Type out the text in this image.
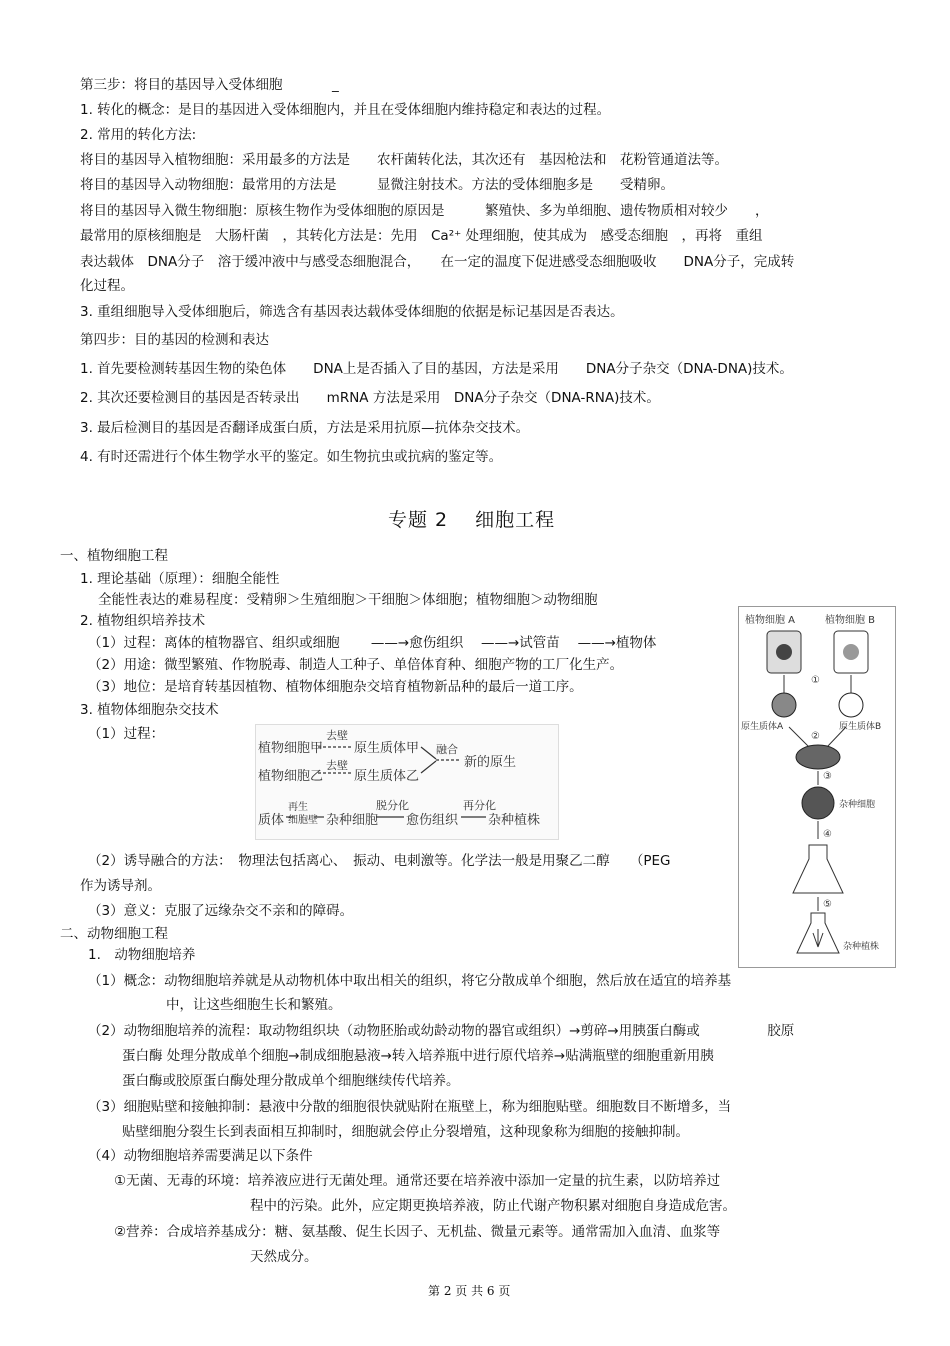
第三步：将目的基因导入受体细胞	_
1. 转化的概念：是目的基因进入受体细胞内，并且在受体细胞内维持稳定和表达的过程。
2. 常用的转化方法:
将目的基因导入植物细胞：采用最多的方法是　　农杆菌转化法，其次还有　基因枪法和　花粉管通道法等。
将目的基因导入动物细胞：最常用的方法是　　　显微注射技术。方法的受体细胞多是　　受精卵。
将目的基因导入微生物细胞：原核生物作为受体细胞的原因是　　　繁殖快、多为单细胞、遗传物质相对较少　　，
最常用的原核细胞是　大肠杆菌　，其转化方法是：先用　Ca²⁺ 处理细胞，使其成为　感受态细胞　，再将　重组
表达载体　DNA分子　溶于缓冲液中与感受态细胞混合，　　在一定的温度下促进感受态细胞吸收　　DNA分子，完成转
化过程。
3. 重组细胞导入受体细胞后，筛选含有基因表达载体受体细胞的依据是标记基因是否表达。
第四步：目的基因的检测和表达
1. 首先要检测转基因生物的染色体　　DNA上是否插入了目的基因，方法是采用　　DNA分子杂交（DNA-DNA)技术。
2. 其次还要检测目的基因是否转录出　　mRNA 方法是采用　DNA分子杂交（DNA-RNA)技术。
3. 最后检测目的基因是否翻译成蛋白质，方法是采用抗原—抗体杂交技术。
4. 有时还需进行个体生物学水平的鉴定。如生物抗虫或抗病的鉴定等。
专题 2　 细胞工程
一、植物细胞工程
1. 理论基础（原理）：细胞全能性
全能性表达的难易程度：受精卵＞生殖细胞＞干细胞＞体细胞；植物细胞＞动物细胞
2. 植物组织培养技术
（1）过程：离体的植物器官、组织或细胞　　 ——→愈伤组织　 ——→试管苗　 ——→植物体
（2）用途：微型繁殖、作物脱毒、制造人工种子、单倍体育种、细胞产物的工厂化生产。
（3）地位：是培育转基因植物、植物体细胞杂交培育植物新品种的最后一道工序。
3. 植物体细胞杂交技术
（1）过程：
植物细胞甲
植物细胞乙
去壁
去壁
原生质体甲
原生质体乙
融合
新的原生
质体
再生
细胞壁 杂种细胞
脱分化
愈伤组织
再分化
杂种植株
（2）诱导融合的方法：　物理法包括离心、　振动、电刺激等。化学法一般是用聚乙二醇　　（PEG
作为诱导剂。
（3）意义：克服了远缘杂交不亲和的障碍。
植物细胞 A	植物细胞 B
①
原生质体A	原生质体B
②
③
杂种细胞
④
⑤
杂种植株
二、动物细胞工程
1.　动物细胞培养
（1）概念：动物细胞培养就是从动物机体中取出相关的组织，将它分散成单个细胞，然后放在适宜的培养基
中，让这些细胞生长和繁殖。
（2）动物细胞培养的流程：取动物组织块（动物胚胎或幼龄动物的器官或组织）→剪碎→用胰蛋白酶或　　　　　胶原
蛋白酶 处理分散成单个细胞→制成细胞悬液→转入培养瓶中进行原代培养→贴满瓶壁的细胞重新用胰
蛋白酶或胶原蛋白酶处理分散成单个细胞继续传代培养。
（3）细胞贴壁和接触抑制：悬液中分散的细胞很快就贴附在瓶壁上，称为细胞贴壁。细胞数目不断增多，当
贴壁细胞分裂生长到表面相互抑制时，细胞就会停止分裂增殖，这种现象称为细胞的接触抑制。
（4）动物细胞培养需要满足以下条件
①无菌、无毒的环境：培养液应进行无菌处理。通常还要在培养液中添加一定量的抗生素，以防培养过
程中的污染。此外，应定期更换培养液，防止代谢产物积累对细胞自身造成危害。
②营养：合成培养基成分：糖、氨基酸、促生长因子、无机盐、微量元素等。通常需加入血清、血浆等
天然成分。
第 2 页 共 6 页
